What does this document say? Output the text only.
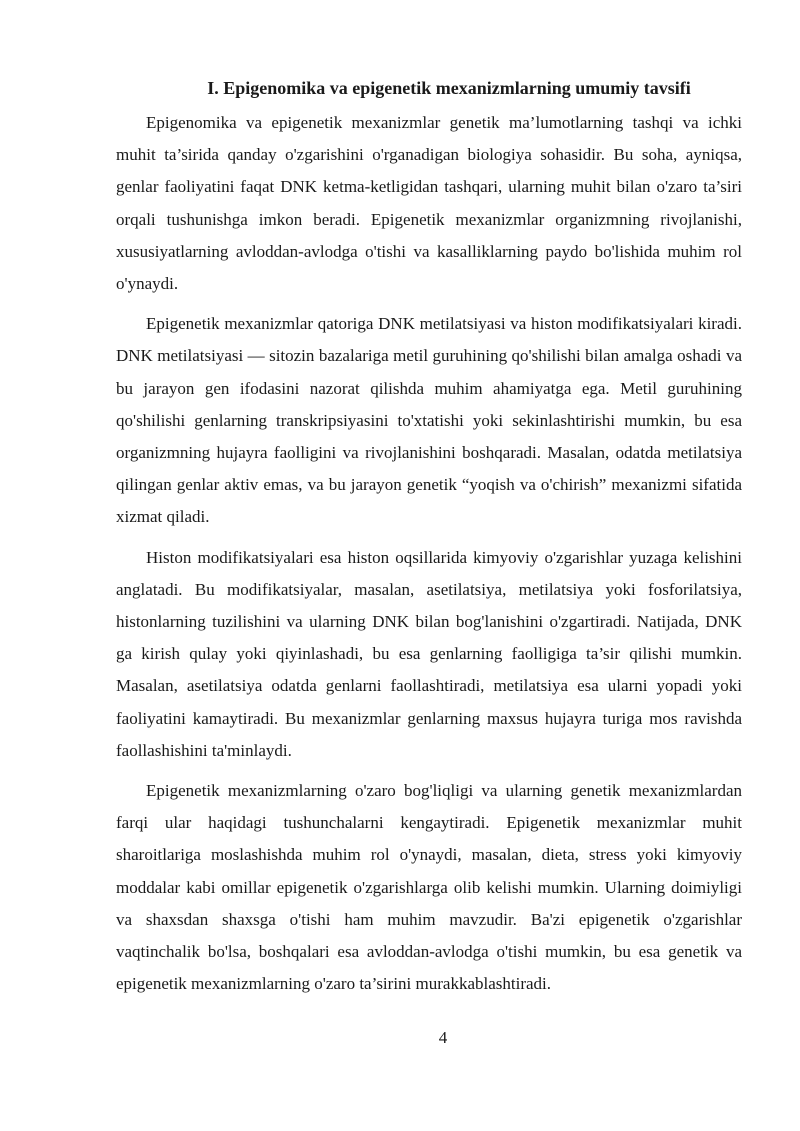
I. Epigenomika va epigenetik mexanizmlarning umumiy tavsifi

Epigenomika va epigenetik mexanizmlar genetik ma’lumotlarning tashqi va ichki muhit ta’sirida qanday o'zgarishini o'rganadigan biologiya sohasidir. Bu soha, ayniqsa, genlar faoliyatini faqat DNK ketma-ketligidan tashqari, ularning muhit bilan o'zaro ta’siri orqali tushunishga imkon beradi. Epigenetik mexanizmlar organizmning rivojlanishi, xususiyatlarning avloddan-avlodga o'tishi va kasalliklarning paydo bo'lishida muhim rol o'ynaydi.

Epigenetik mexanizmlar qatoriga DNK metilatsiyasi va histon modifikatsiyalari kiradi. DNK metilatsiyasi — sitozin bazalariga metil guruhining qo'shilishi bilan amalga oshadi va bu jarayon gen ifodasini nazorat qilishda muhim ahamiyatga ega. Metil guruhining qo'shilishi genlarning transkripsiyasini to'xtatishi yoki sekinlashtirishi mumkin, bu esa organizmning hujayra faolligini va rivojlanishini boshqaradi. Masalan, odatda metilatsiya qilingan genlar aktiv emas, va bu jarayon genetik “yoqish va o'chirish” mexanizmi sifatida xizmat qiladi.

Histon modifikatsiyalari esa histon oqsillarida kimyoviy o'zgarishlar yuzaga kelishini anglatadi. Bu modifikatsiyalar, masalan, asetilatsiya, metilatsiya yoki fosforilatsiya, histonlarning tuzilishini va ularning DNK bilan bog'lanishini o'zgartiradi. Natijada, DNK ga kirish qulay yoki qiyinlashadi, bu esa genlarning faolligiga ta’sir qilishi mumkin. Masalan, asetilatsiya odatda genlarni faollashtiradi, metilatsiya esa ularni yopadi yoki faoliyatini kamaytiradi. Bu mexanizmlar genlarning maxsus hujayra turiga mos ravishda faollashishini ta'minlaydi.

Epigenetik mexanizmlarning o'zaro bog'liqligi va ularning genetik mexanizmlardan farqi ular haqidagi tushunchalarni kengaytiradi. Epigenetik mexanizmlar muhit sharoitlariga moslashishda muhim rol o'ynaydi, masalan, dieta, stress yoki kimyoviy moddalar kabi omillar epigenetik o'zgarishlarga olib kelishi mumkin. Ularning doimiyligi va shaxsdan shaxsga o'tishi ham muhim mavzudir. Ba'zi epigenetik o'zgarishlar vaqtinchalik bo'lsa, boshqalari esa avloddan-avlodga o'tishi mumkin, bu esa genetik va epigenetik mexanizmlarning o'zaro ta’sirini murakkablashtiradi.

4
